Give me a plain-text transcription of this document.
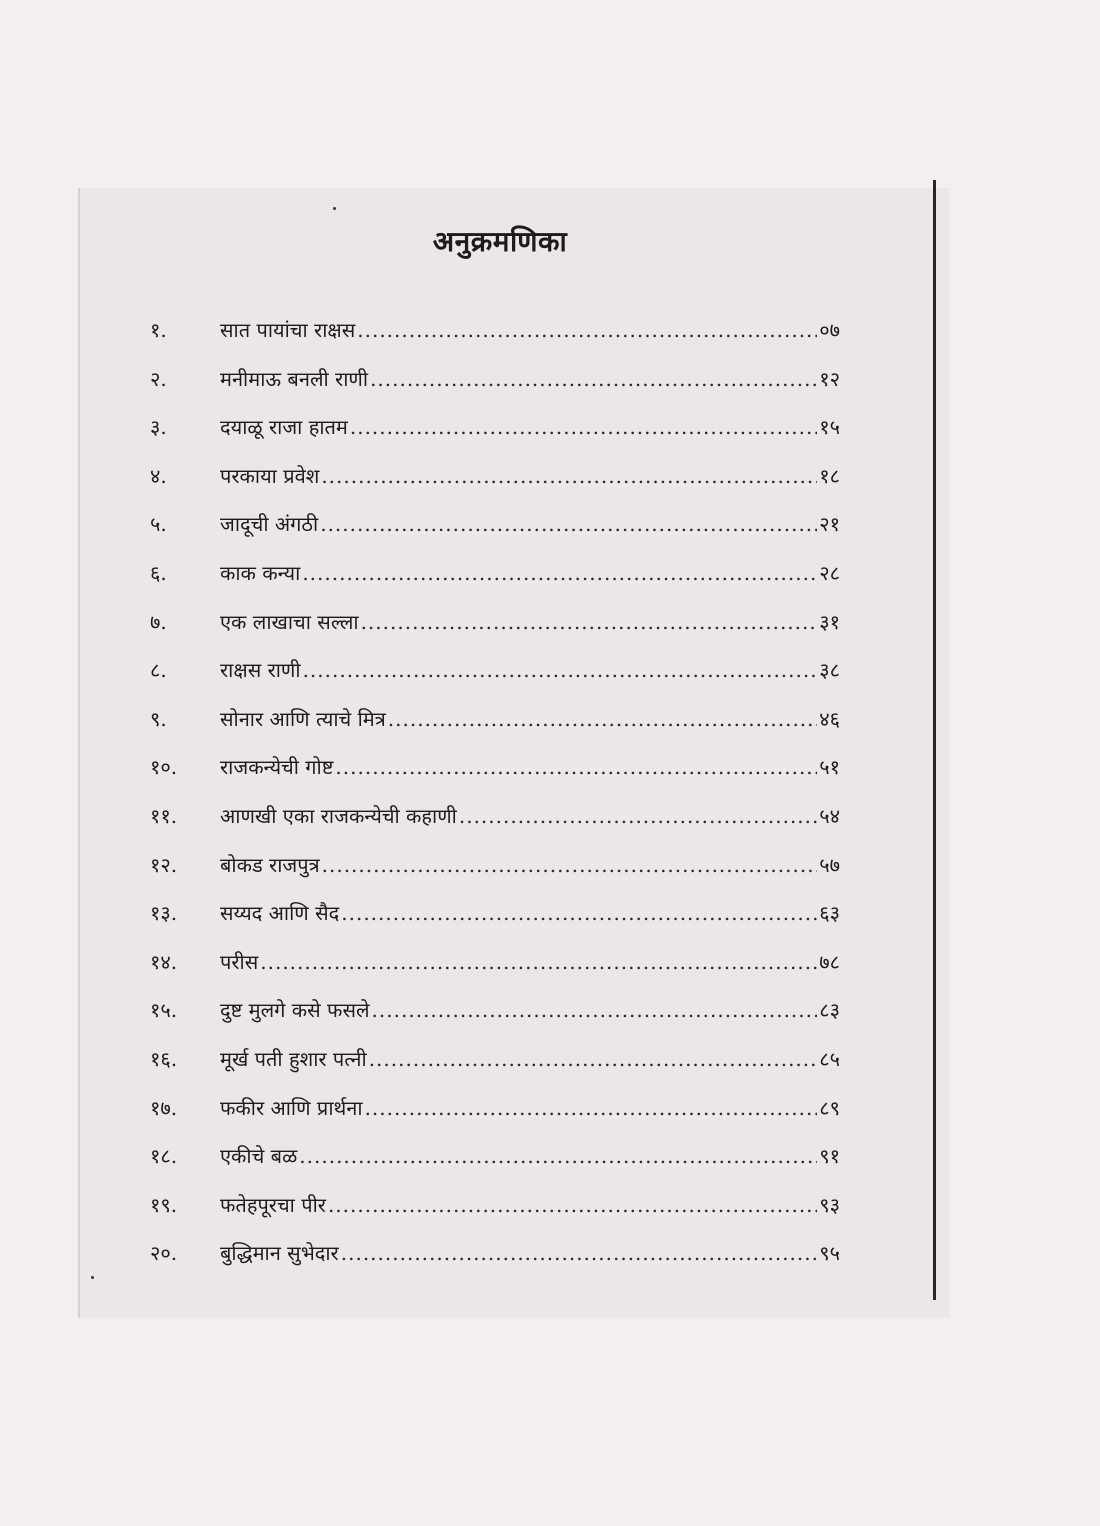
अनुक्रमणिका
१.	सात पायांचा राक्षस .....	०७
२.	मनीमाऊ बनली राणी .....	१२
३.	दयाळू राजा हातम .....	१५
४.	परकाया प्रवेश .....	१८
५.	जादूची अंगठी .....	२१
६.	काक कन्या .....	२८
७.	एक लाखाचा सल्ला .....	३१
८.	राक्षस राणी .....	३८
९.	सोनार आणि त्याचे मित्र .....	४६
१०.	राजकन्येची गोष्ट .....	५१
११.	आणखी एका राजकन्येची कहाणी .....	५४
१२.	बोकड राजपुत्र .....	५७
१३.	सय्यद आणि सैद .....	६३
१४.	परीस .....	७८
१५.	दुष्ट मुलगे कसे फसले .....	८३
१६.	मूर्ख पती हुशार पत्नी .....	८५
१७.	फकीर आणि प्रार्थना .....	८९
१८.	एकीचे बळ .....	९१
१९.	फतेहपूरचा पीर .....	९३
२०.	बुद्धिमान सुभेदार .....	९५
